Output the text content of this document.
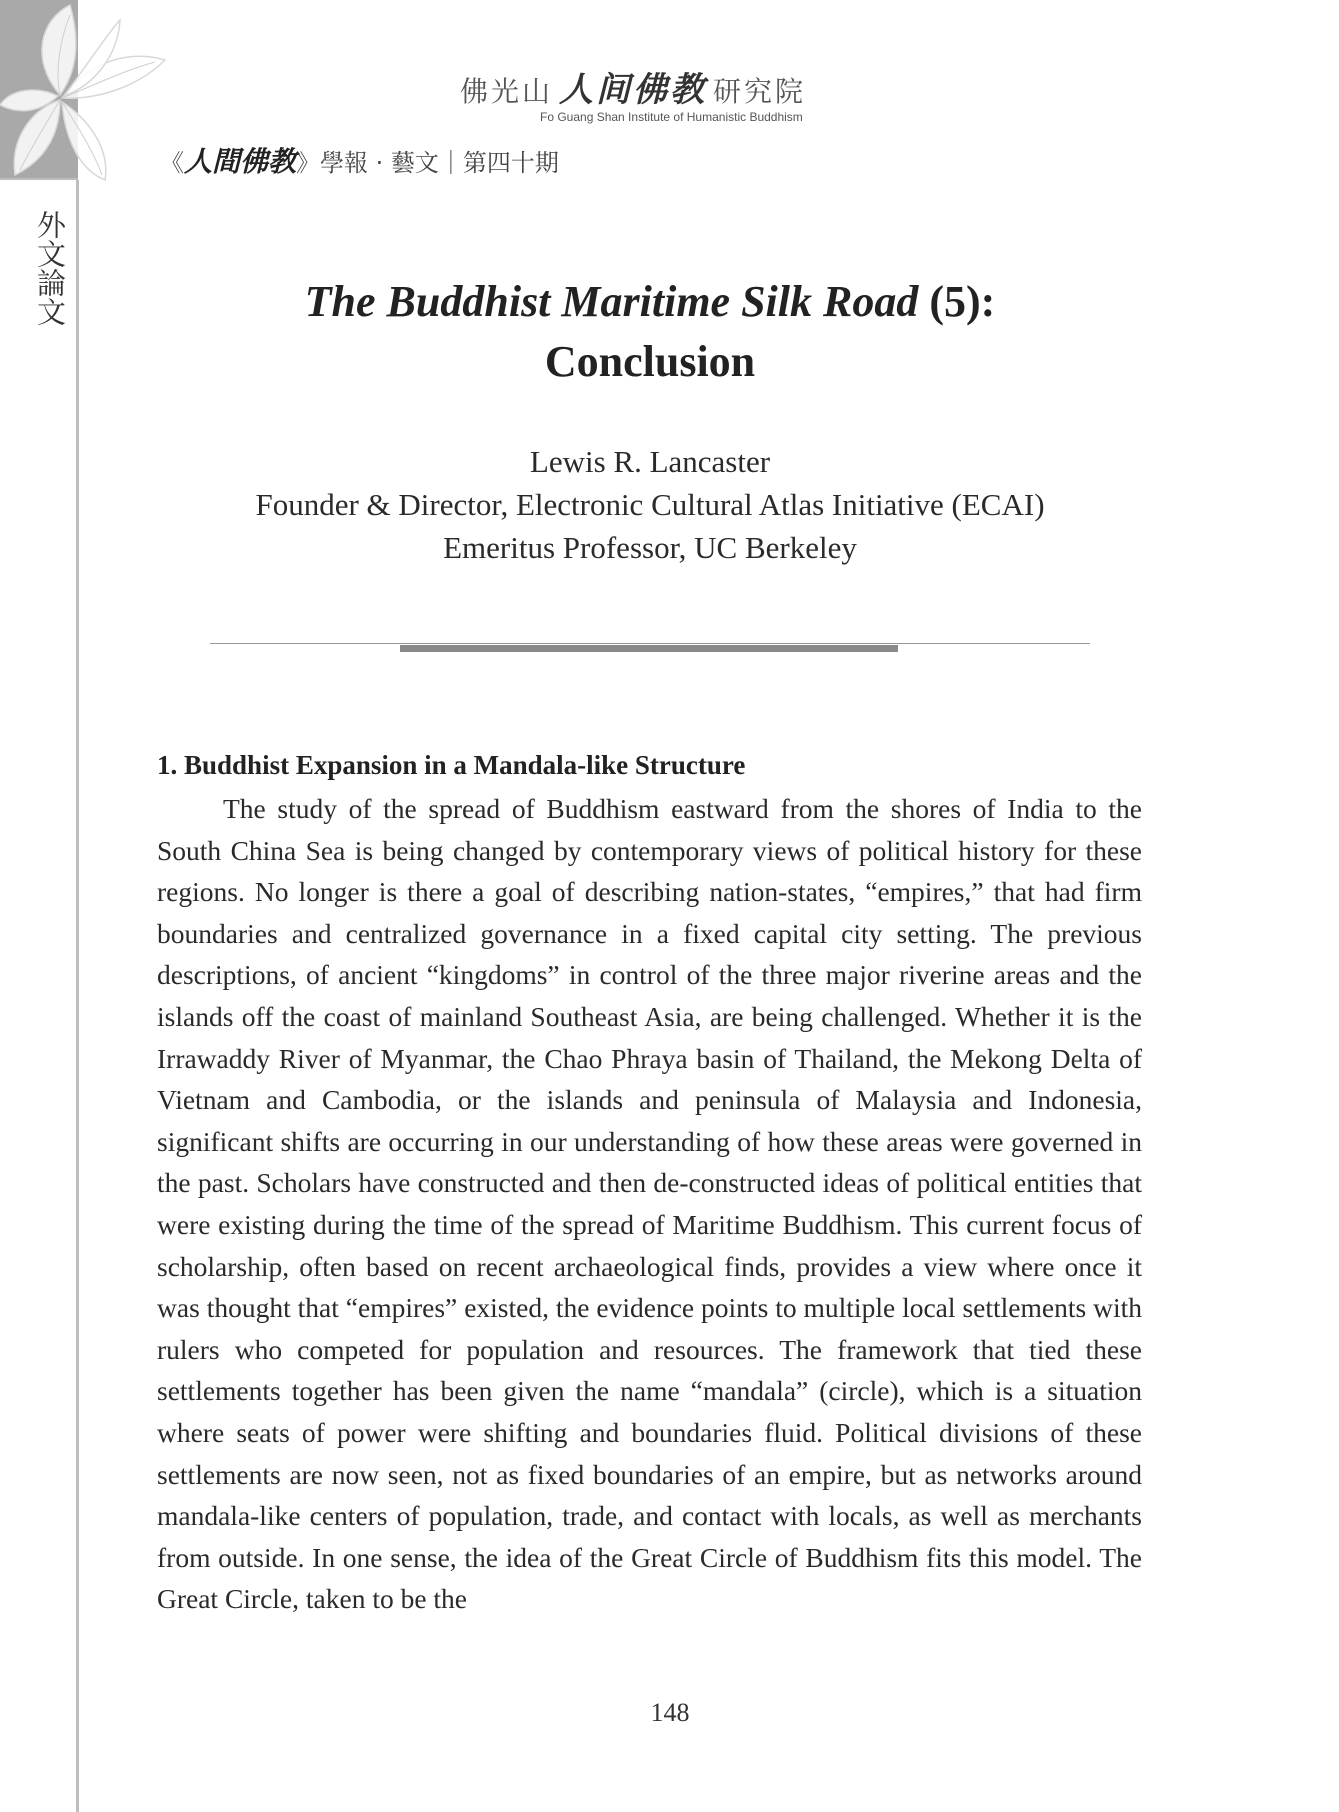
外文論文
佛光山 人间佛教 研究院
Fo Guang Shan Institute of Humanistic Buddhism
《人間佛教》學報 · 藝文｜第四十期
The Buddhist Maritime Silk Road (5):
Conclusion
Lewis R. Lancaster
Founder & Director, Electronic Cultural Atlas Initiative (ECAI)
Emeritus Professor, UC Berkeley
1. Buddhist Expansion in a Mandala-like Structure

The study of the spread of Buddhism eastward from the shores of India to the South China Sea is being changed by contemporary views of political history for these regions. No longer is there a goal of describing nation-states, “empires,” that had firm boundaries and centralized governance in a fixed capital city setting. The previous descriptions, of ancient “kingdoms” in control of the three major riverine areas and the islands off the coast of mainland Southeast Asia, are being challenged. Whether it is the Irrawaddy River of Myanmar, the Chao Phraya basin of Thailand, the Mekong Delta of Vietnam and Cambodia, or the islands and peninsula of Malaysia and Indonesia, significant shifts are occurring in our understanding of how these areas were governed in the past. Scholars have constructed and then de-constructed ideas of political entities that were existing during the time of the spread of Maritime Buddhism. This current focus of scholarship, often based on recent archaeological finds, provides a view where once it was thought that “empires” existed, the evidence points to multiple local settlements with rulers who competed for population and resources. The framework that tied these settlements together has been given the name “mandala” (circle), which is a situation where seats of power were shifting and boundaries fluid. Political divisions of these settlements are now seen, not as fixed boundaries of an empire, but as networks around mandala-like centers of population, trade, and contact with locals, as well as merchants from outside. In one sense, the idea of the Great Circle of Buddhism fits this model. The Great Circle, taken to be the

148
